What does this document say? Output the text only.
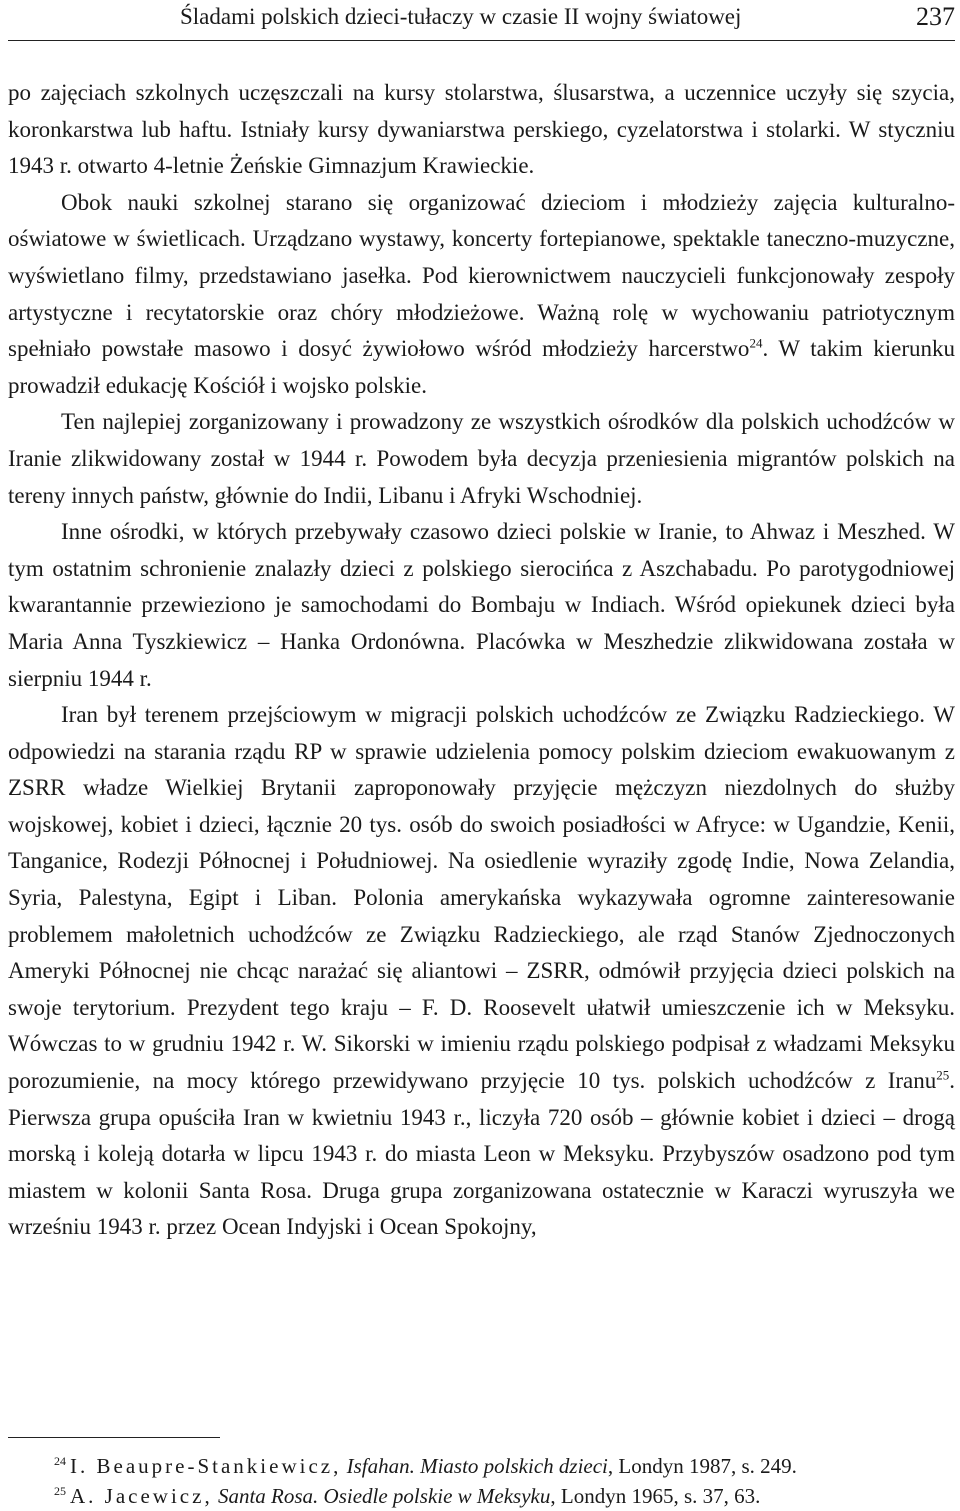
Śladami polskich dzieci-tułaczy w czasie II wojny światowej	237

po zajęciach szkolnych uczęszczali na kursy stolarstwa, ślusarstwa, a uczennice uczyły się szycia, koronkarstwa lub haftu. Istniały kursy dywaniarstwa perskiego, cyzelatorstwa i stolarki. W styczniu 1943 r. otwarto 4-letnie Żeńskie Gimnazjum Krawieckie.

Obok nauki szkolnej starano się organizować dzieciom i młodzieży zajęcia kulturalno-oświatowe w świetlicach. Urządzano wystawy, koncerty fortepianowe, spektakle taneczno-muzyczne, wyświetlano filmy, przedstawiano jasełka. Pod kierownictwem nauczycieli funkcjonowały zespoły artystyczne i recytatorskie oraz chóry młodzieżowe. Ważną rolę w wychowaniu patriotycznym spełniało powstałe masowo i dosyć żywiołowo wśród młodzieży harcerstwo$^{24}$. W takim kierunku prowadził edukację Kościół i wojsko polskie.

Ten najlepiej zorganizowany i prowadzony ze wszystkich ośrodków dla polskich uchodźców w Iranie zlikwidowany został w 1944 r. Powodem była decyzja przeniesienia migrantów polskich na tereny innych państw, głównie do Indii, Libanu i Afryki Wschodniej.

Inne ośrodki, w których przebywały czasowo dzieci polskie w Iranie, to Ahwaz i Meszhed. W tym ostatnim schronienie znalazły dzieci z polskiego sierocińca z Aszchabadu. Po parotygodniowej kwarantannie przewieziono je samochodami do Bombaju w Indiach. Wśród opiekunek dzieci była Maria Anna Tyszkiewicz – Hanka Ordonówna. Placówka w Meszhedzie zlikwidowana została w sierpniu 1944 r.

Iran był terenem przejściowym w migracji polskich uchodźców ze Związku Radzieckiego. W odpowiedzi na starania rządu RP w sprawie udzielenia pomocy polskim dzieciom ewakuowanym z ZSRR władze Wielkiej Brytanii zaproponowały przyjęcie mężczyzn niezdolnych do służby wojskowej, kobiet i dzieci, łącznie 20 tys. osób do swoich posiadłości w Afryce: w Ugandzie, Kenii, Tanganice, Rodezji Północnej i Południowej. Na osiedlenie wyraziły zgodę Indie, Nowa Zelandia, Syria, Palestyna, Egipt i Liban. Polonia amerykańska wykazywała ogromne zainteresowanie problemem małoletnich uchodźców ze Związku Radzieckiego, ale rząd Stanów Zjednoczonych Ameryki Północnej nie chcąc narażać się aliantowi – ZSRR, odmówił przyjęcia dzieci polskich na swoje terytorium. Prezydent tego kraju – F. D. Roosevelt ułatwił umieszczenie ich w Meksyku. Wówczas to w grudniu 1942 r. W. Sikorski w imieniu rządu polskiego podpisał z władzami Meksyku porozumienie, na mocy którego przewidywano przyjęcie 10 tys. polskich uchodźców z Iranu$^{25}$. Pierwsza grupa opuściła Iran w kwietniu 1943 r., liczyła 720 osób – głównie kobiet i dzieci – drogą morską i koleją dotarła w lipcu 1943 r. do miasta Leon w Meksyku. Przybyszów osadzono pod tym miastem w kolonii Santa Rosa. Druga grupa zorganizowana ostatecznie w Karaczi wyruszyła we wrześniu 1943 r. przez Ocean Indyjski i Ocean Spokojny,

$^{24}$ I. Beaupre-Stankiewicz, Isfahan. Miasto polskich dzieci, Londyn 1987, s. 249.
$^{25}$ A. Jacewicz, Santa Rosa. Osiedle polskie w Meksyku, Londyn 1965, s. 37, 63.
